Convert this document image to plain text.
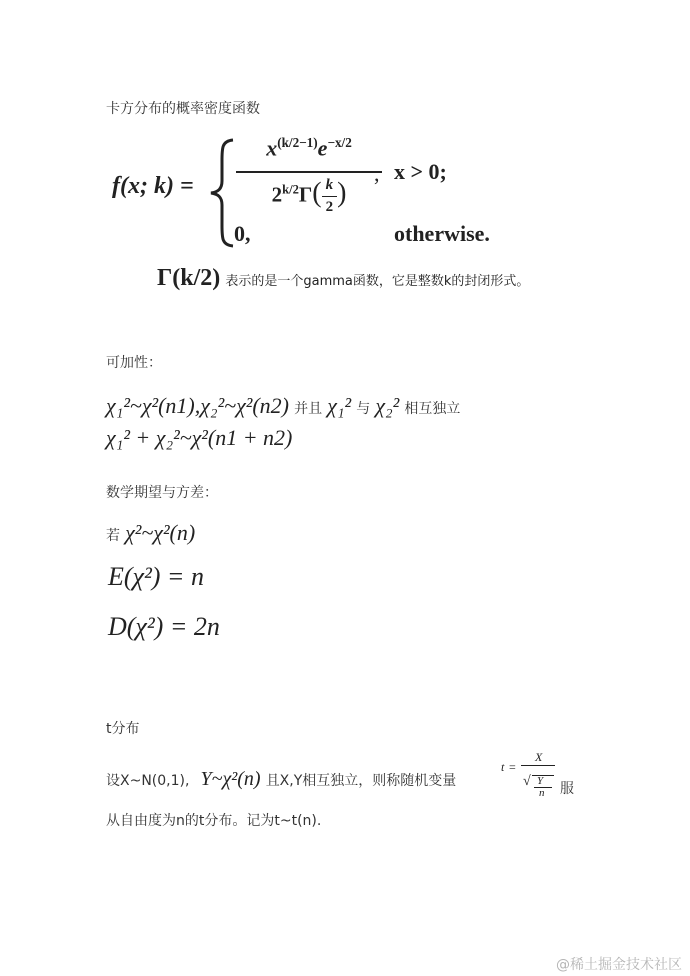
卡方分布的概率密度函数
f(x; k) =
$x^{(k/2-1)}e^{-x/2}$
$2^{k/2}\Gamma( \frac{k}{2}$ )
, x > 0;
0,	otherwise.
Γ(k/2) 表示的是一个gamma函数，它是整数k的封闭形式。
可加性：
χ₁²~χ²(n1),χ₂²~χ²(n2) 并且 χ₁² 与 χ₂² 相互独立
χ₁² + χ₂²~χ²(n1 + n2)
数学期望与方差：
若 χ²~χ²(n)
E(χ²) = n
D(χ²) = 2n
t分布
设X~N(0,1), Y~χ²(n) 且X,Y相互独立，则称随机变量
t =
X
√ Y
n 服
从自由度为n的t分布。记为t~t(n).
@稀土掘金技术社区
